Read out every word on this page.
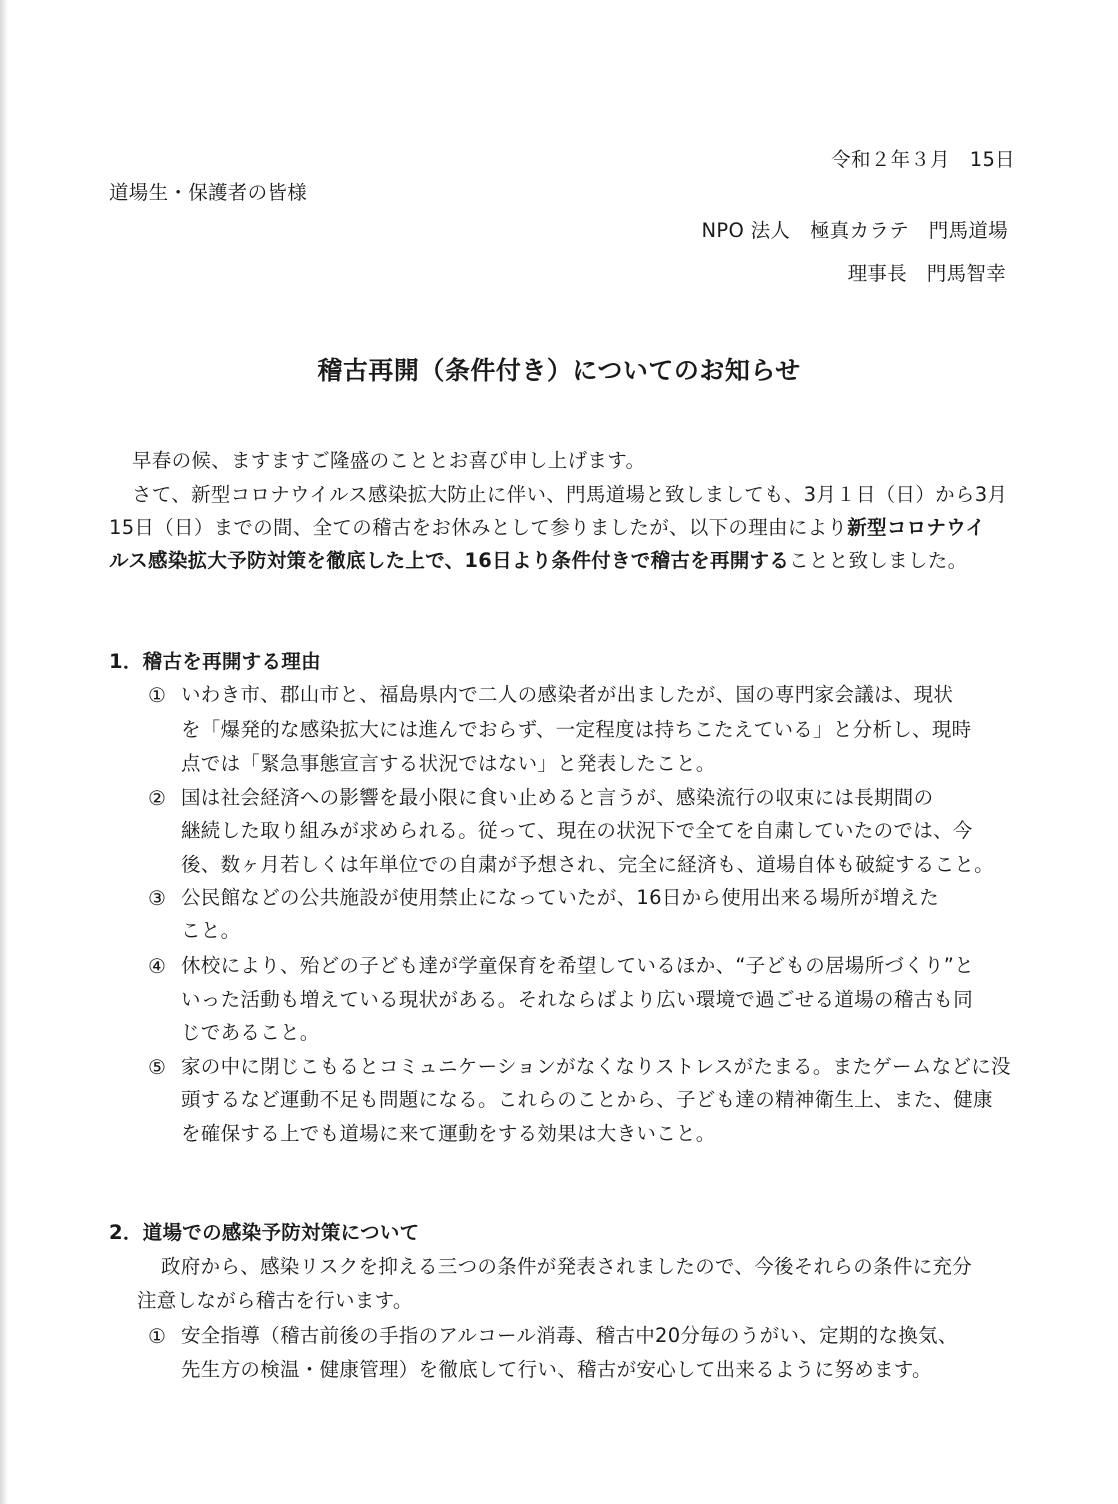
令和２年３月　15日
道場生・保護者の皆様
NPO 法人　極真カラテ　門馬道場
理事長　門馬智幸
稽古再開（条件付き）についてのお知らせ
早春の候、ますますご隆盛のこととお喜び申し上げます。
さて、新型コロナウイルス感染拡大防止に伴い、門馬道場と致しましても、3月１日（日）から3月
15日（日）までの間、全ての稽古をお休みとして参りましたが、以下の理由により新型コロナウイ
ルス感染拡大予防対策を徹底した上で、16日より条件付きで稽古を再開することと致しました。
1．稽古を再開する理由
① いわき市、郡山市と、福島県内で二人の感染者が出ましたが、国の専門家会議は、現状
を「爆発的な感染拡大には進んでおらず、一定程度は持ちこたえている」と分析し、現時
点では「緊急事態宣言する状況ではない」と発表したこと。
② 国は社会経済への影響を最小限に食い止めると言うが、感染流行の収束には長期間の
継続した取り組みが求められる。従って、現在の状況下で全てを自粛していたのでは、今
後、数ヶ月若しくは年単位での自粛が予想され、完全に経済も、道場自体も破綻すること。
③ 公民館などの公共施設が使用禁止になっていたが、16日から使用出来る場所が増えた
こと。
④ 休校により、殆どの子ども達が学童保育を希望しているほか、“子どもの居場所づくり”と
いった活動も増えている現状がある。それならばより広い環境で過ごせる道場の稽古も同
じであること。
⑤ 家の中に閉じこもるとコミュニケーションがなくなりストレスがたまる。またゲームなどに没
頭するなど運動不足も問題になる。これらのことから、子ども達の精神衛生上、また、健康
を確保する上でも道場に来て運動をする効果は大きいこと。
2．道場での感染予防対策について
政府から、感染リスクを抑える三つの条件が発表されましたので、今後それらの条件に充分
注意しながら稽古を行います。
① 安全指導（稽古前後の手指のアルコール消毒、稽古中20分毎のうがい、定期的な換気、
先生方の検温・健康管理）を徹底して行い、稽古が安心して出来るように努めます。
